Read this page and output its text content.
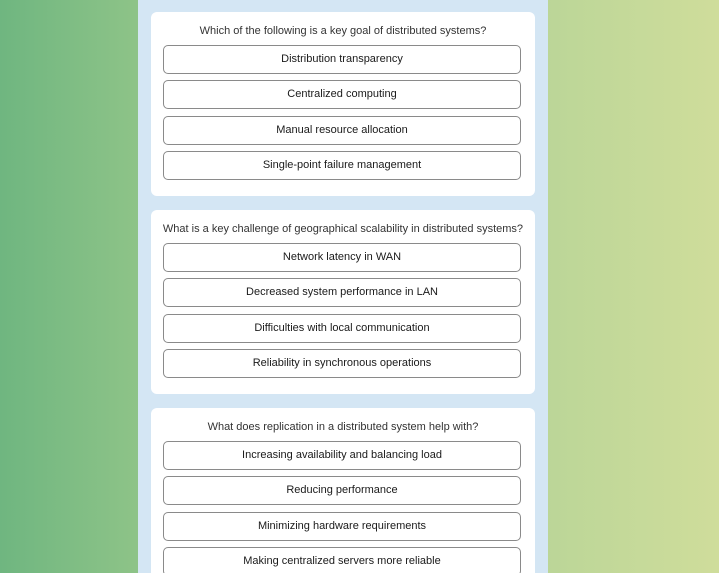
Which of the following is a key goal of distributed systems?
Distribution transparency
Centralized computing
Manual resource allocation
Single-point failure management
What is a key challenge of geographical scalability in distributed systems?
Network latency in WAN
Decreased system performance in LAN
Difficulties with local communication
Reliability in synchronous operations
What does replication in a distributed system help with?
Increasing availability and balancing load
Reducing performance
Minimizing hardware requirements
Making centralized servers more reliable
